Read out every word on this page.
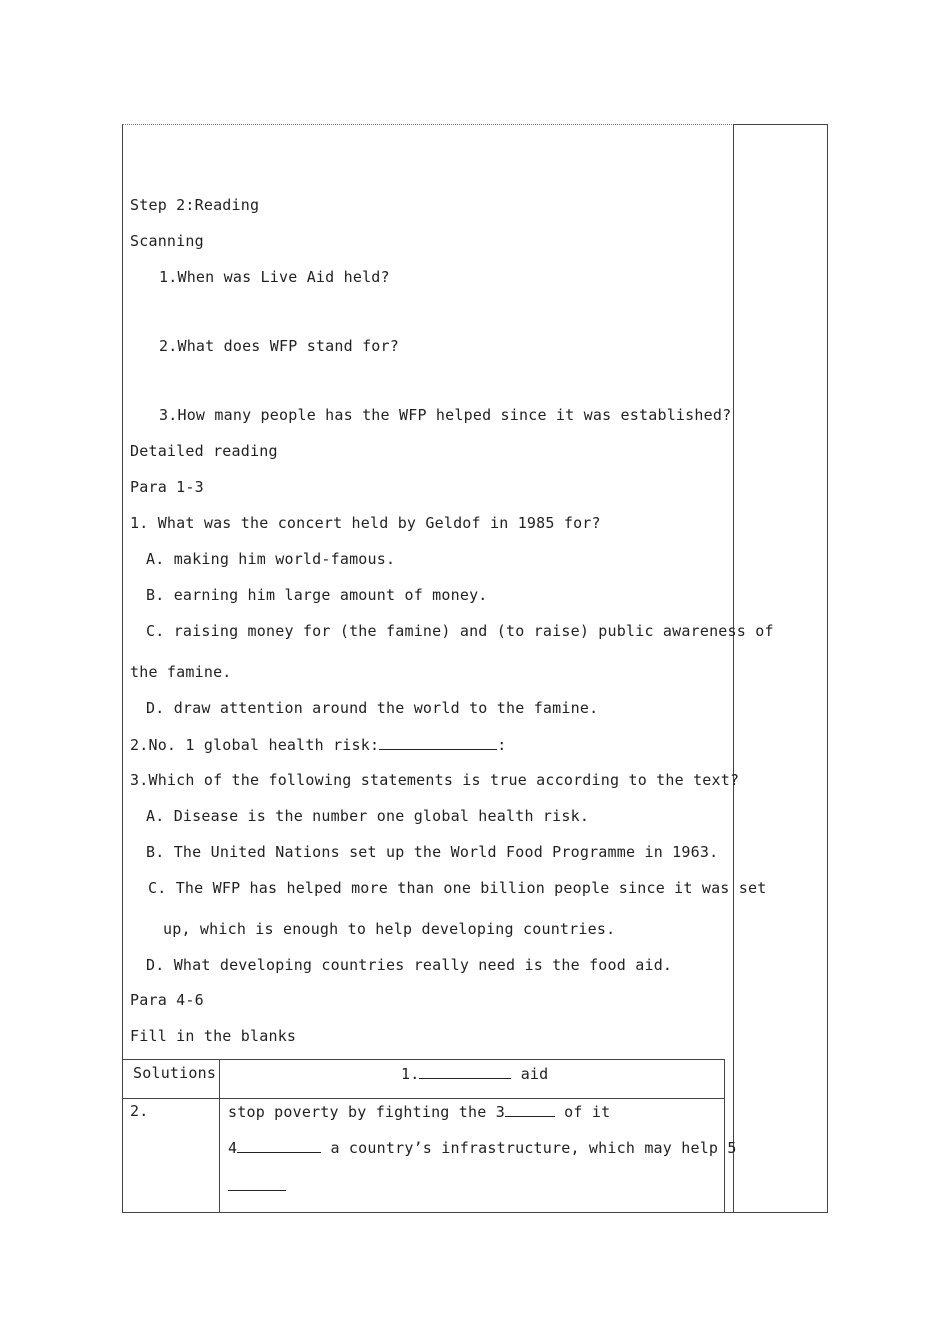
Step 2:Reading
Scanning
1.When was Live Aid held?
2.What does WFP stand for?
3.How many people has the WFP helped since it was established?
Detailed reading
Para 1-3
1. What was the concert held by Geldof in 1985 for?
A. making him world-famous.
B. earning him large amount of money.
C. raising money for (the famine) and (to raise) public awareness of
the famine.
D. draw attention around the world to the famine.
2.No. 1 global health risk:	:
3.Which of the following statements is true according to the text?
A. Disease is the number one global health risk.
B. The United Nations set up the World Food Programme in 1963.
C. The WFP has helped more than one billion people since it was set
up, which is enough to help developing countries.
D. What developing countries really need is the food aid.
Para 4-6
Fill in the blanks
Solutions	1.	aid
2.	stop poverty by fighting the 3	of it
4	a country’s infrastructure, which may help 5
